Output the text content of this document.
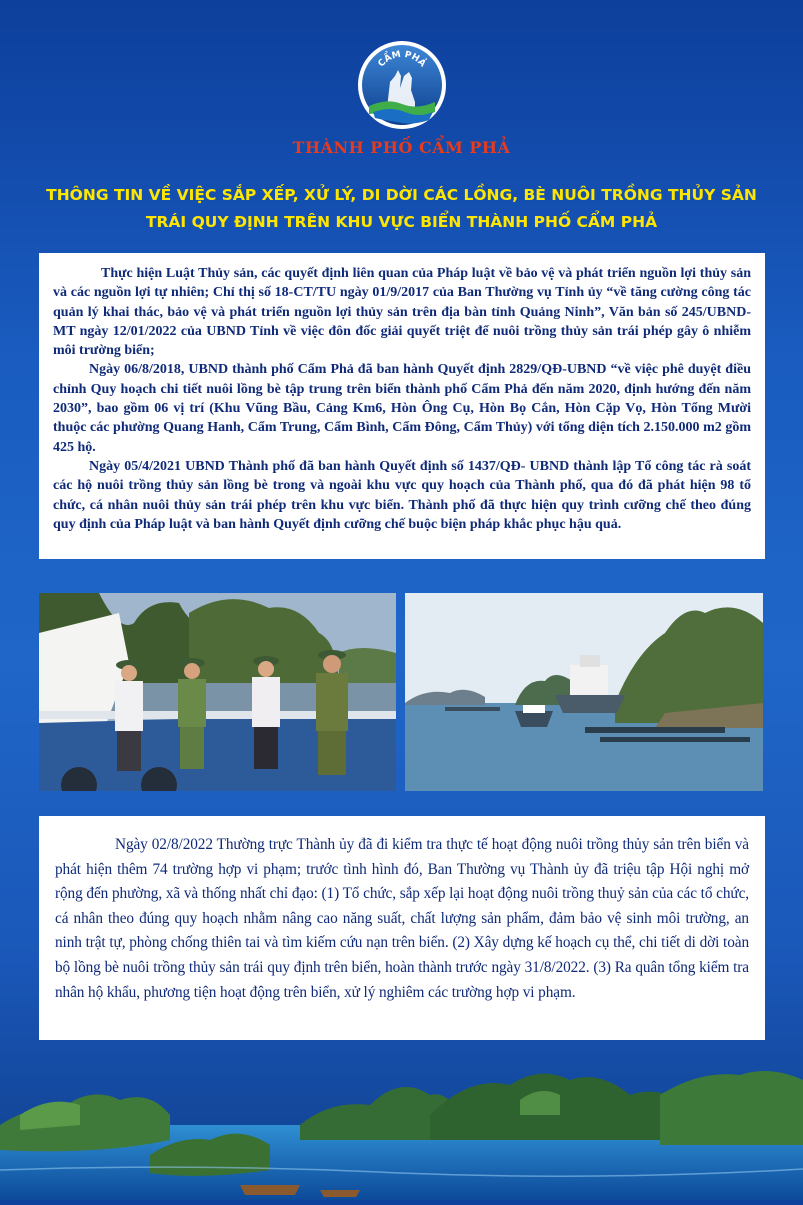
CẨM PHẢ
THÀNH PHỐ CẨM PHẢ
THÔNG TIN VỀ VIỆC SẮP XẾP, XỬ LÝ, DI DỜI CÁC LỒNG, BÈ NUÔI TRỒNG THỦY SẢN
TRÁI QUY ĐỊNH TRÊN KHU VỰC BIỂN THÀNH PHỐ CẨM PHẢ

Thực hiện Luật Thủy sản, các quyết định liên quan của Pháp luật về bảo vệ và phát triển nguồn lợi thủy sản và các nguồn lợi tự nhiên; Chỉ thị số 18-CT/TU ngày 01/9/2017 của Ban Thường vụ Tỉnh ủy “về tăng cường công tác quản lý khai thác, bảo vệ và phát triển nguồn lợi thủy sản trên địa bàn tỉnh Quảng Ninh”, Văn bản số 245/UBND-MT ngày 12/01/2022 của UBND Tỉnh về việc đôn đốc giải quyết triệt để nuôi trồng thủy sản trái phép gây ô nhiễm môi trường biển;

Ngày 06/8/2018, UBND thành phố Cẩm Phả đã ban hành Quyết định 2829/QĐ-UBND “về việc phê duyệt điều chỉnh Quy hoạch chi tiết nuôi lồng bè tập trung trên biển thành phố Cẩm Phả đến năm 2020, định hướng đến năm 2030”, bao gồm 06 vị trí (Khu Vũng Bầu, Cảng Km6, Hòn Ông Cụ, Hòn Bọ Cắn, Hòn Cặp Vọ, Hòn Tổng Mười thuộc các phường Quang Hanh, Cẩm Trung, Cẩm Bình, Cẩm Đông, Cẩm Thủy) với tổng diện tích 2.150.000 m2 gồm 425 hộ.

Ngày 05/4/2021 UBND Thành phố đã ban hành Quyết định số 1437/QĐ- UBND thành lập Tổ công tác rà soát các hộ nuôi trồng thủy sản lồng bè trong và ngoài khu vực quy hoạch của Thành phố, qua đó đã phát hiện 98 tổ chức, cá nhân nuôi thủy sản trái phép trên khu vực biển. Thành phố đã thực hiện quy trình cưỡng chế theo đúng quy định của Pháp luật và ban hành Quyết định cưỡng chế buộc biện pháp khắc phục hậu quả.

Ngày 02/8/2022 Thường trực Thành ủy đã đi kiểm tra thực tế hoạt động nuôi trồng thủy sản trên biển và phát hiện thêm 74 trường hợp vi phạm; trước tình hình đó, Ban Thường vụ Thành ủy đã triệu tập Hội nghị mở rộng đến phường, xã và thống nhất chỉ đạo: (1) Tổ chức, sắp xếp lại hoạt động nuôi trồng thuỷ sản của các tổ chức, cá nhân theo đúng quy hoạch nhằm nâng cao năng suất, chất lượng sản phẩm, đảm bảo vệ sinh môi trường, an ninh trật tự, phòng chống thiên tai và tìm kiếm cứu nạn trên biển. (2) Xây dựng kế hoạch cụ thể, chi tiết di dời toàn bộ lồng bè nuôi trồng thủy sản trái quy định trên biển, hoàn thành trước ngày 31/8/2022. (3) Ra quân tổng kiểm tra nhân hộ khẩu, phương tiện hoạt động trên biển, xử lý nghiêm các trường hợp vi phạm.
